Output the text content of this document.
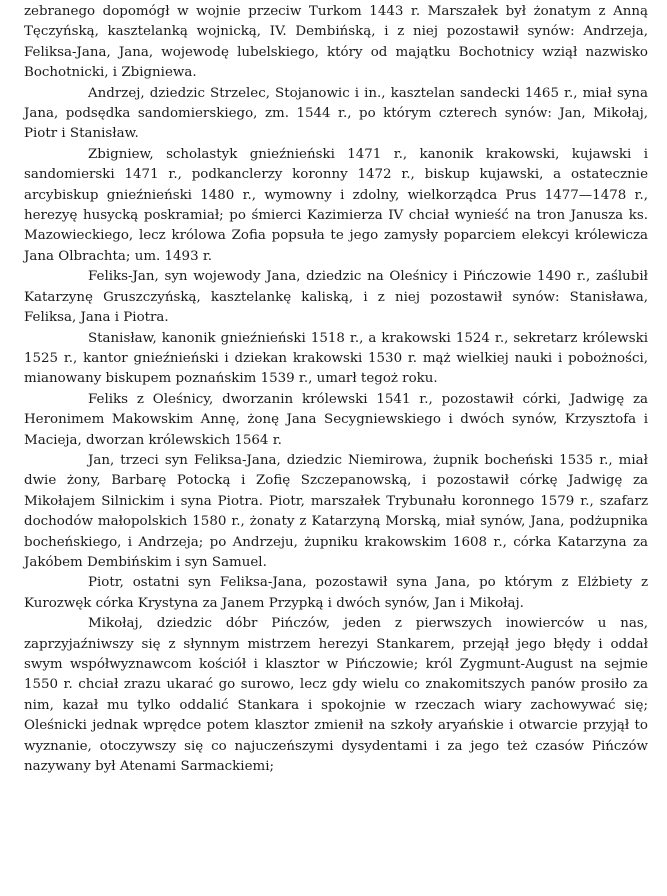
zebranego dopomógł w wojnie przeciw Turkom 1443 r. Marszałek był żonatym z Anną Tęczyńską, kasztelanką wojnicką, IV. Dembińską, i z niej pozostawił synów: Andrzeja, Feliksa-Jana, Jana, wojewodę lubelskiego, który od majątku Bochotnicy wziął nazwisko Bochotnicki, i Zbigniewa.

Andrzej, dziedzic Strzelec, Stojanowic i in., kasztelan sandecki 1465 r., miał syna Jana, podsędka sandomierskiego, zm. 1544 r., po którym czterech synów: Jan, Mikołaj, Piotr i Stanisław.

Zbigniew, scholastyk gnieźnieński 1471 r., kanonik krakowski, kujawski i sandomierski 1471 r., podkanclerzy koronny 1472 r., biskup kujawski, a ostatecznie arcybiskup gnieźnieński 1480 r., wymowny i zdolny, wielkorządca Prus 1477—1478 r., herezyę husycką poskramiał; po śmierci Kazimierza IV chciał wynieść na tron Janusza ks. Mazowieckiego, lecz królowa Zofia popsuła te jego zamysły poparciem elekcyi królewicza Jana Olbrachta; um. 1493 r.

Feliks-Jan, syn wojewody Jana, dziedzic na Oleśnicy i Pińczowie 1490 r., zaślubił Katarzynę Gruszczyńską, kasztelankę kaliską, i z niej pozostawił synów: Stanisława, Feliksa, Jana i Piotra.

Stanisław, kanonik gnieźnieński 1518 r., a krakowski 1524 r., sekretarz królewski 1525 r., kantor gnieźnieński i dziekan krakowski 1530 r. mąż wielkiej nauki i pobożności, mianowany biskupem poznańskim 1539 r., umarł tegoż roku.

Feliks z Oleśnicy, dworzanin królewski 1541 r., pozostawił córki, Jadwigę za Heronimem Makowskim Annę, żonę Jana Secygniewskiego i dwóch synów, Krzysztofa i Macieja, dworzan królewskich 1564 r.

Jan, trzeci syn Feliksa-Jana, dziedzic Niemirowa, żupnik bocheński 1535 r., miał dwie żony, Barbarę Potocką i Zofię Szczepanowską, i pozostawił córkę Jadwigę za Mikołajem Silnickim i syna Piotra. Piotr, marszałek Trybunału koronnego 1579 r., szafarz dochodów małopolskich 1580 r., żonaty z Katarzyną Morską, miał synów, Jana, podżupnika bocheńskiego, i Andrzeja; po Andrzeju, żupniku krakowskim 1608 r., córka Katarzyna za Jakóbem Dembińskim i syn Samuel.

Piotr, ostatni syn Feliksa-Jana, pozostawił syna Jana, po którym z Elżbiety z Kurozwęk córka Krystyna za Janem Przypką i dwóch synów, Jan i Mikołaj.

Mikołaj, dziedzic dóbr Pińczów, jeden z pierwszych inowierców u nas, zaprzyjaźniwszy się z słynnym mistrzem herezyi Stankarem, przejął jego błędy i oddał swym współwyznawcom kościół i klasztor w Pińczowie; król Zygmunt-August na sejmie 1550 r. chciał zrazu ukarać go surowo, lecz gdy wielu co znakomitszych panów prosiło za nim, kazał mu tylko oddalić Stankara i spokojnie w rzeczach wiary zachowywać się; Oleśnicki jednak wprędce potem klasztor zmienił na szkoły aryańskie i otwarcie przyjął to wyznanie, otoczywszy się co najuczeńszymi dysydentami i za jego też czasów Pińczów nazywany był Atenami Sarmackiemi;
